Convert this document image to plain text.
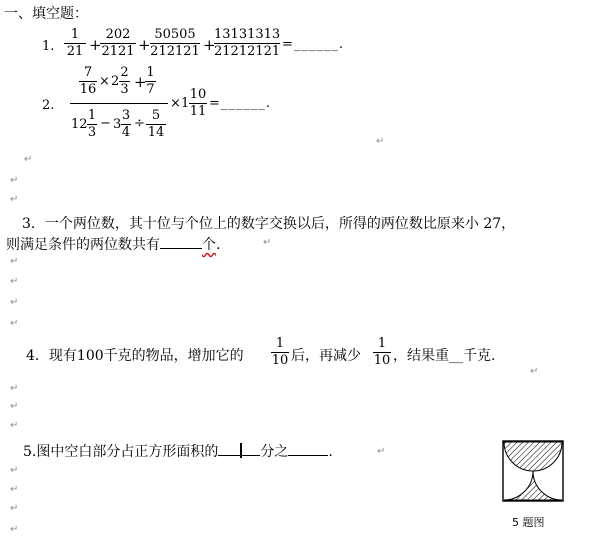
一、填空题：
1.
1
21 +
202
2121 +
50505
212121 +
13131313
21212121 =______.
2.
7
16
× 2
2
3 +
1
7
12
1
3
− 3
3
4
÷
5
14
× 1
10
11
=______.
↵
↵
↵
↵
3．一个两位数，其十位与个位上的数字交换以后，所得的两位数比原来小 27，
则满足条件的两位数共有	个.	↵
↵
↵
↵
↵
4．现有100千克的物品，增加它的
1
10 后，再减少
1
10 ，结果重__千克.
↵
↵
↵
↵
5.图中空白部分占正方形面积的	分之	.	↵
↵
↵
↵
↵
5 题图
